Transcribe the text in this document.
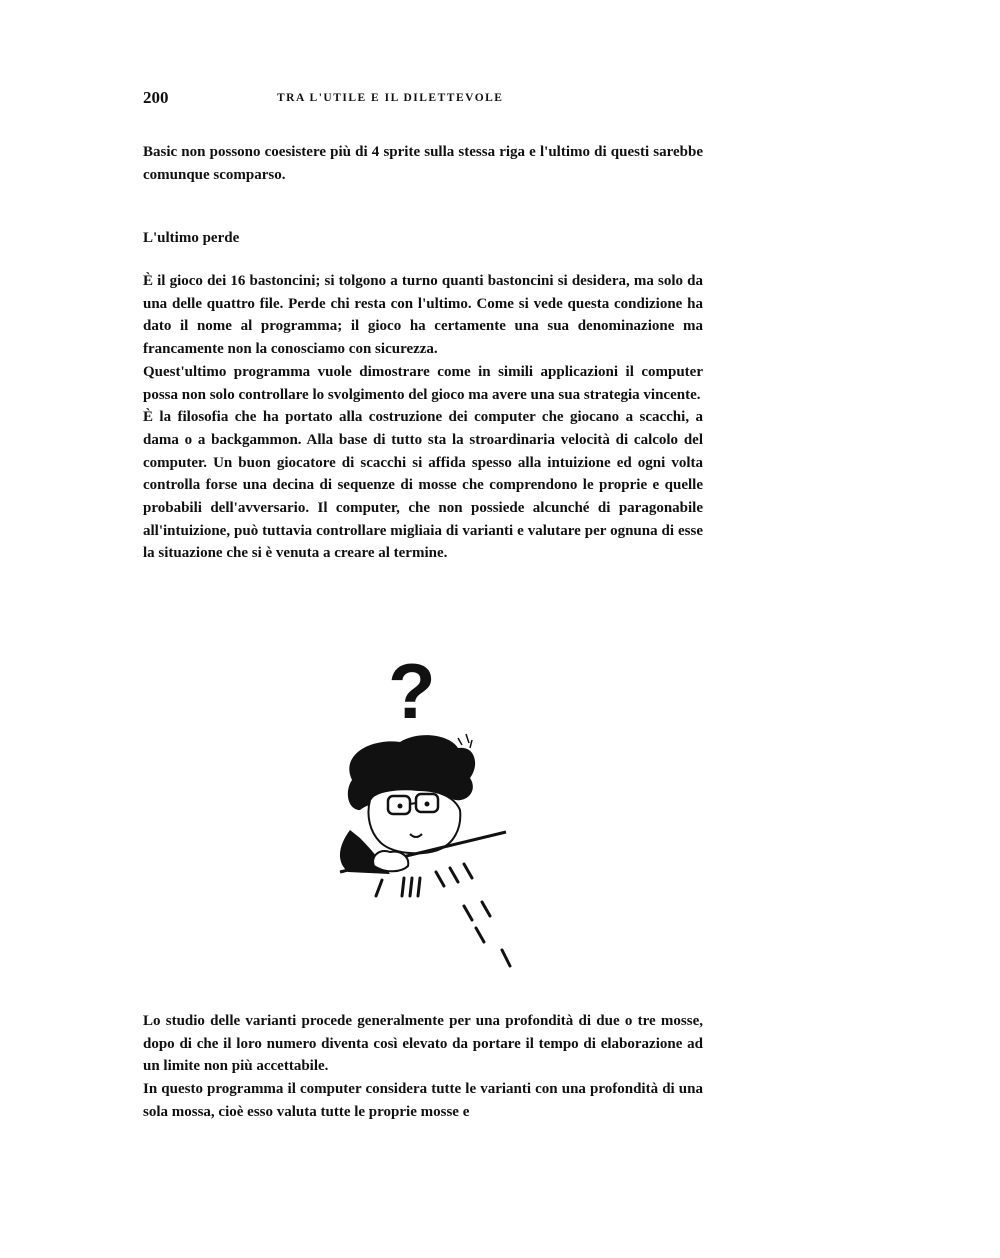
200	TRA L'UTILE E IL DILETTEVOLE

Basic non possono coesistere più di 4 sprite sulla stessa riga e l'ultimo di questi sarebbe comunque scomparso.

L'ultimo perde

È il gioco dei 16 bastoncini; si tolgono a turno quanti bastoncini si desidera, ma solo da una delle quattro file. Perde chi resta con l'ultimo. Come si vede questa condizione ha dato il nome al programma; il gioco ha certamente una sua denominazione ma francamente non la conosciamo con sicurezza.

Quest'ultimo programma vuole dimostrare come in simili applicazioni il computer possa non solo controllare lo svolgimento del gioco ma avere una sua strategia vincente.

È la filosofia che ha portato alla costruzione dei computer che giocano a scacchi, a dama o a backgammon. Alla base di tutto sta la stroardinaria velocità di calcolo del computer. Un buon giocatore di scacchi si affida spesso alla intuizione ed ogni volta controlla forse una decina di sequenze di mosse che comprendono le proprie e quelle probabili dell'avversario. Il computer, che non possiede alcunché di paragonabile all'intuizione, può tuttavia controllare migliaia di varianti e valutare per ognuna di esse la situazione che si è venuta a creare al termine.

?

Lo studio delle varianti procede generalmente per una profondità di due o tre mosse, dopo di che il loro numero diventa così elevato da portare il tempo di elaborazione ad un limite non più accettabile.

In questo programma il computer considera tutte le varianti con una profondità di una sola mossa, cioè esso valuta tutte le proprie mosse e
